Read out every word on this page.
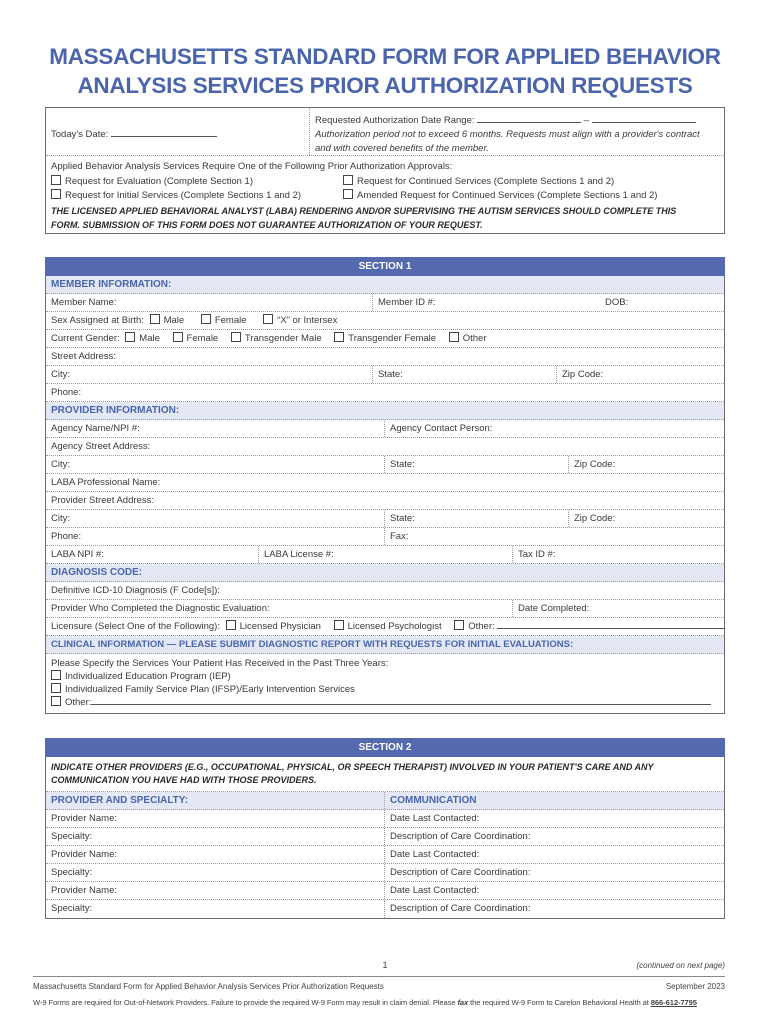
MASSACHUSETTS STANDARD FORM FOR APPLIED BEHAVIOR
ANALYSIS SERVICES PRIOR AUTHORIZATION REQUESTS
Today's Date:
Requested Authorization Date Range:	–
Authorization period not to exceed 6 months. Requests must align with a provider's contract
and with covered benefits of the member.
Applied Behavior Analysis Services Require One of the Following Prior Authorization Approvals:
Request for Evaluation (Complete Section 1)	Request for Continued Services (Complete Sections 1 and 2)
Request for Initial Services (Complete Sections 1 and 2)	Amended Request for Continued Services (Complete Sections 1 and 2)
THE LICENSED APPLIED BEHAVIORAL ANALYST (LABA) RENDERING AND/OR SUPERVISING THE AUTISM SERVICES SHOULD COMPLETE THIS
FORM. SUBMISSION OF THIS FORM DOES NOT GUARANTEE AUTHORIZATION OF YOUR REQUEST.
SECTION 1
MEMBER INFORMATION:
Member Name:	Member ID #:	DOB:
Sex Assigned at Birth: Male	Female	“X” or Intersex
Current Gender: Male	Female	Transgender Male	Transgender Female	Other
Street Address:
City:	State:	Zip Code:
Phone:
PROVIDER INFORMATION:
Agency Name/NPI #:	Agency Contact Person:
Agency Street Address:
City:	State:	Zip Code:
LABA Professional Name:
Provider Street Address:
City:	State:	Zip Code:
Phone:	Fax:
LABA NPI #:	LABA License #:	Tax ID #:
DIAGNOSIS CODE:
Definitive ICD-10 Diagnosis (F Code[s]):
Provider Who Completed the Diagnostic Evaluation:	Date Completed:
Licensure (Select One of the Following): Licensed Physician	Licensed Psychologist	Other:
CLINICAL INFORMATION — PLEASE SUBMIT DIAGNOSTIC REPORT WITH REQUESTS FOR INITIAL EVALUATIONS:
Please Specify the Services Your Patient Has Received in the Past Three Years:
Individualized Education Program (IEP)
Individualized Family Service Plan (IFSP)/Early Intervention Services
Other:
SECTION 2
INDICATE OTHER PROVIDERS (E.G., OCCUPATIONAL, PHYSICAL, OR SPEECH THERAPIST) INVOLVED IN YOUR PATIENT'S CARE AND ANY
COMMUNICATION YOU HAVE HAD WITH THOSE PROVIDERS.
PROVIDER AND SPECIALTY:	COMMUNICATION
Provider Name:	Date Last Contacted:
Specialty:	Description of Care Coordination:
Provider Name:	Date Last Contacted:
Specialty:	Description of Care Coordination:
Provider Name:	Date Last Contacted:
Specialty:	Description of Care Coordination:
1	(continued on next page)
Massachusetts Standard Form for Applied Behavior Analysis Services Prior Authorization Requests	September 2023
W-9 Forms are required for Out-of-Network Providers. Failure to provide the required W-9 Form may result in claim denial. Please fax the required W-9 Form to Carelon Behavioral Health at 866-612-7795
